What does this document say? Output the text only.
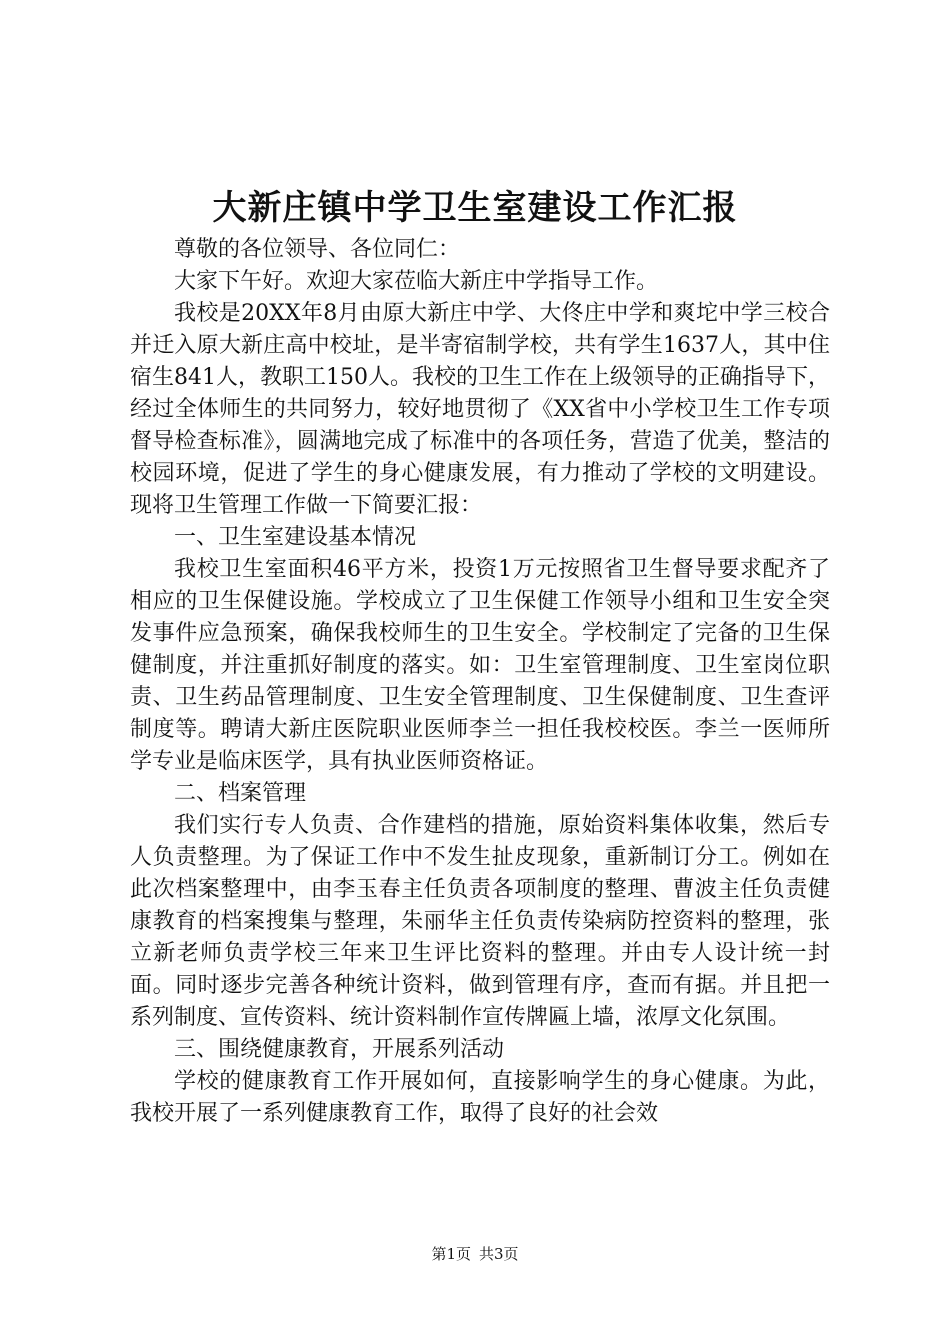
大新庄镇中学卫生室建设工作汇报

尊敬的各位领导、各位同仁：

大家下午好。欢迎大家莅临大新庄中学指导工作。

我校是20XX年8月由原大新庄中学、大佟庄中学和爽坨中学三校合并迁入原大新庄高中校址，是半寄宿制学校，共有学生1637人，其中住宿生841人，教职工150人。我校的卫生工作在上级领导的正确指导下，经过全体师生的共同努力，较好地贯彻了《XX省中小学校卫生工作专项督导检查标准》，圆满地完成了标准中的各项任务，营造了优美，整洁的校园环境，促进了学生的身心健康发展，有力推动了学校的文明建设。现将卫生管理工作做一下简要汇报：

一、卫生室建设基本情况

我校卫生室面积46平方米，投资1万元按照省卫生督导要求配齐了相应的卫生保健设施。学校成立了卫生保健工作领导小组和卫生安全突发事件应急预案，确保我校师生的卫生安全。学校制定了完备的卫生保健制度，并注重抓好制度的落实。如：卫生室管理制度、卫生室岗位职责、卫生药品管理制度、卫生安全管理制度、卫生保健制度、卫生查评制度等。聘请大新庄医院职业医师李兰一担任我校校医。李兰一医师所学专业是临床医学，具有执业医师资格证。

二、档案管理

我们实行专人负责、合作建档的措施，原始资料集体收集，然后专人负责整理。为了保证工作中不发生扯皮现象，重新制订分工。例如在此次档案整理中，由李玉春主任负责各项制度的整理、曹波主任负责健康教育的档案搜集与整理，朱丽华主任负责传染病防控资料的整理，张立新老师负责学校三年来卫生评比资料的整理。并由专人设计统一封面。同时逐步完善各种统计资料，做到管理有序，查而有据。并且把一系列制度、宣传资料、统计资料制作宣传牌匾上墙，浓厚文化氛围。

三、围绕健康教育，开展系列活动

学校的健康教育工作开展如何，直接影响学生的身心健康。为此，我校开展了一系列健康教育工作，取得了良好的社会效

第1页 共3页
